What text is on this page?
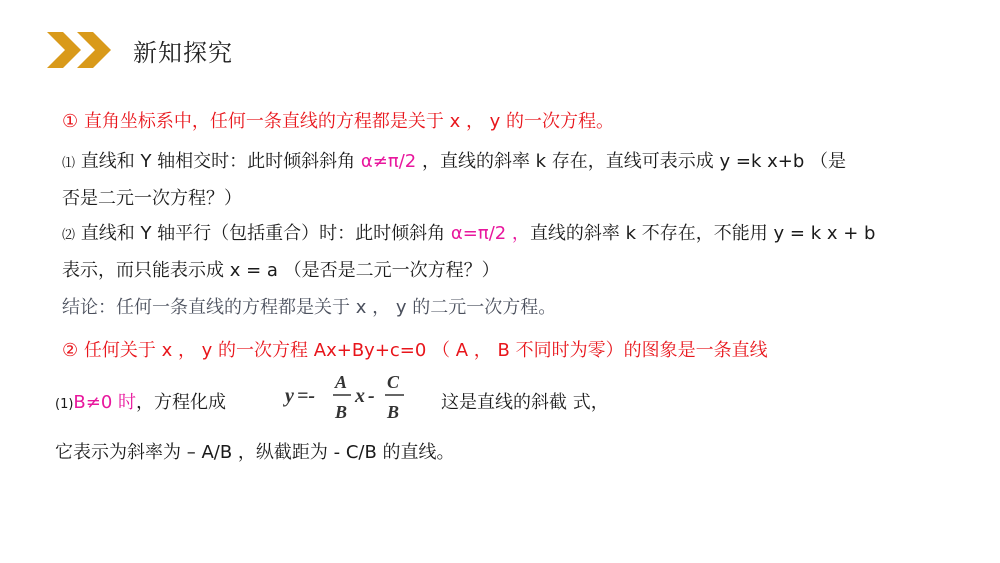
新知探究
① 直角坐标系中，任何一条直线的方程都是关于 x ， y 的一次方程。
⑴ 直线和 Y 轴相交时：此时倾斜斜角 α≠π/2 ，直线的斜率 k 存在，直线可表示成 y =k x+b （是
否是二元一次方程？）
⑵ 直线和 Y 轴平行（包括重合）时：此时倾斜角 α=π/2 ，直线的斜率 k 不存在，不能用 y = k x + b
表示，而只能表示成 x = a （是否是二元一次方程？）
结论：任何一条直线的方程都是关于 x ， y 的二元一次方程。
② 任何关于 x ， y 的一次方程 Ax+By+c=0 （ A ， B 不同时为零）的图象是一条直线
(1)B≠0 时，方程化成	y =-
A
B
x -
C
B 这是直线的斜截 式，
它表示为斜率为 – A/B ，纵截距为 - C/B 的直线。
